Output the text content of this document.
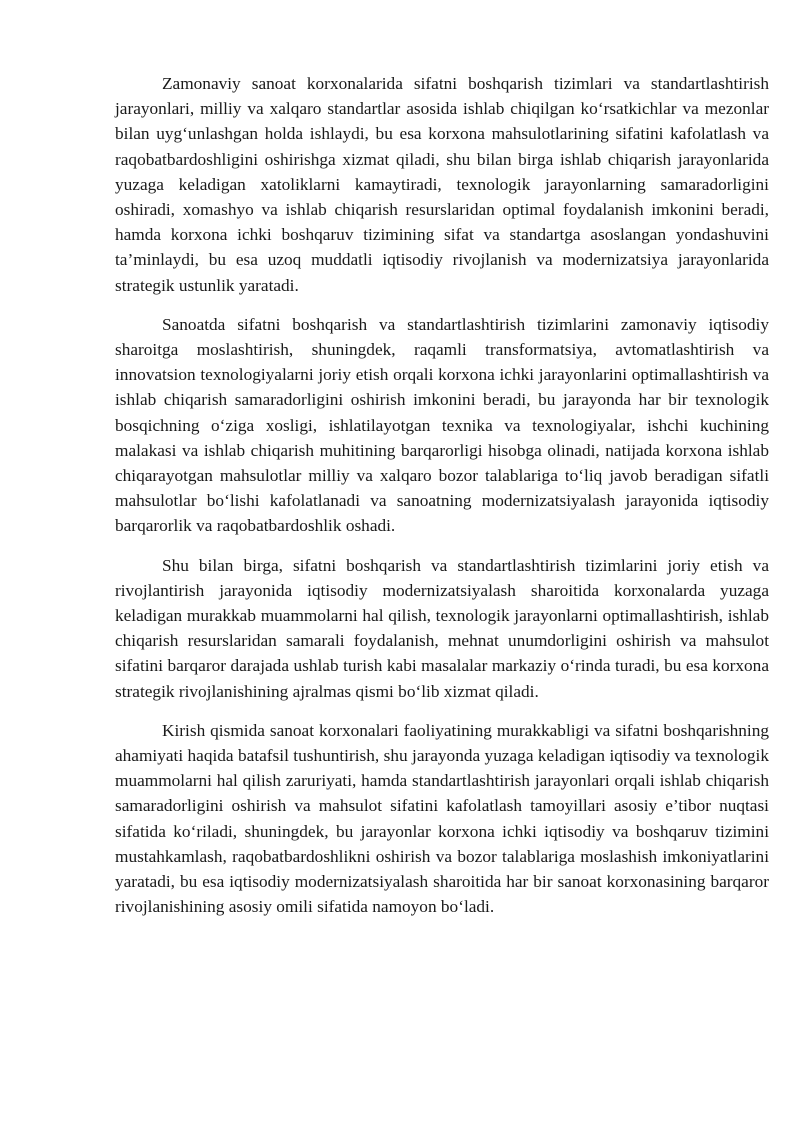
Zamonaviy sanoat korxonalarida sifatni boshqarish tizimlari va standartlashtirish jarayonlari, milliy va xalqaro standartlar asosida ishlab chiqilgan koʻrsatkichlar va mezonlar bilan uygʻunlashgan holda ishlaydi, bu esa korxona mahsulotlarining sifatini kafolatlash va raqobatbardoshligini oshirishga xizmat qiladi, shu bilan birga ishlab chiqarish jarayonlarida yuzaga keladigan xatoliklarni kamaytiradi, texnologik jarayonlarning samaradorligini oshiradi, xomashyo va ishlab chiqarish resurslaridan optimal foydalanish imkonini beradi, hamda korxona ichki boshqaruv tizimining sifat va standartga asoslangan yondashuvini ta’minlaydi, bu esa uzoq muddatli iqtisodiy rivojlanish va modernizatsiya jarayonlarida strategik ustunlik yaratadi.

Sanoatda sifatni boshqarish va standartlashtirish tizimlarini zamonaviy iqtisodiy sharoitga moslashtirish, shuningdek, raqamli transformatsiya, avtomatlashtirish va innovatsion texnologiyalarni joriy etish orqali korxona ichki jarayonlarini optimallashtirish va ishlab chiqarish samaradorligini oshirish imkonini beradi, bu jarayonda har bir texnologik bosqichning oʻziga xosligi, ishlatilayotgan texnika va texnologiyalar, ishchi kuchining malakasi va ishlab chiqarish muhitining barqarorligi hisobga olinadi, natijada korxona ishlab chiqarayotgan mahsulotlar milliy va xalqaro bozor talablariga toʻliq javob beradigan sifatli mahsulotlar boʻlishi kafolatlanadi va sanoatning modernizatsiyalash jarayonida iqtisodiy barqarorlik va raqobatbardoshlik oshadi.

Shu bilan birga, sifatni boshqarish va standartlashtirish tizimlarini joriy etish va rivojlantirish jarayonida iqtisodiy modernizatsiyalash sharoitida korxonalarda yuzaga keladigan murakkab muammolarni hal qilish, texnologik jarayonlarni optimallashtirish, ishlab chiqarish resurslaridan samarali foydalanish, mehnat unumdorligini oshirish va mahsulot sifatini barqaror darajada ushlab turish kabi masalalar markaziy oʻrinda turadi, bu esa korxona strategik rivojlanishining ajralmas qismi boʻlib xizmat qiladi.

Kirish qismida sanoat korxonalari faoliyatining murakkabligi va sifatni boshqarishning ahamiyati haqida batafsil tushuntirish, shu jarayonda yuzaga keladigan iqtisodiy va texnologik muammolarni hal qilish zaruriyati, hamda standartlashtirish jarayonlari orqali ishlab chiqarish samaradorligini oshirish va mahsulot sifatini kafolatlash tamoyillari asosiy e’tibor nuqtasi sifatida koʻriladi, shuningdek, bu jarayonlar korxona ichki iqtisodiy va boshqaruv tizimini mustahkamlash, raqobatbardoshlikni oshirish va bozor talablariga moslashish imkoniyatlarini yaratadi, bu esa iqtisodiy modernizatsiyalash sharoitida har bir sanoat korxonasining barqaror rivojlanishining asosiy omili sifatida namoyon boʻladi.
